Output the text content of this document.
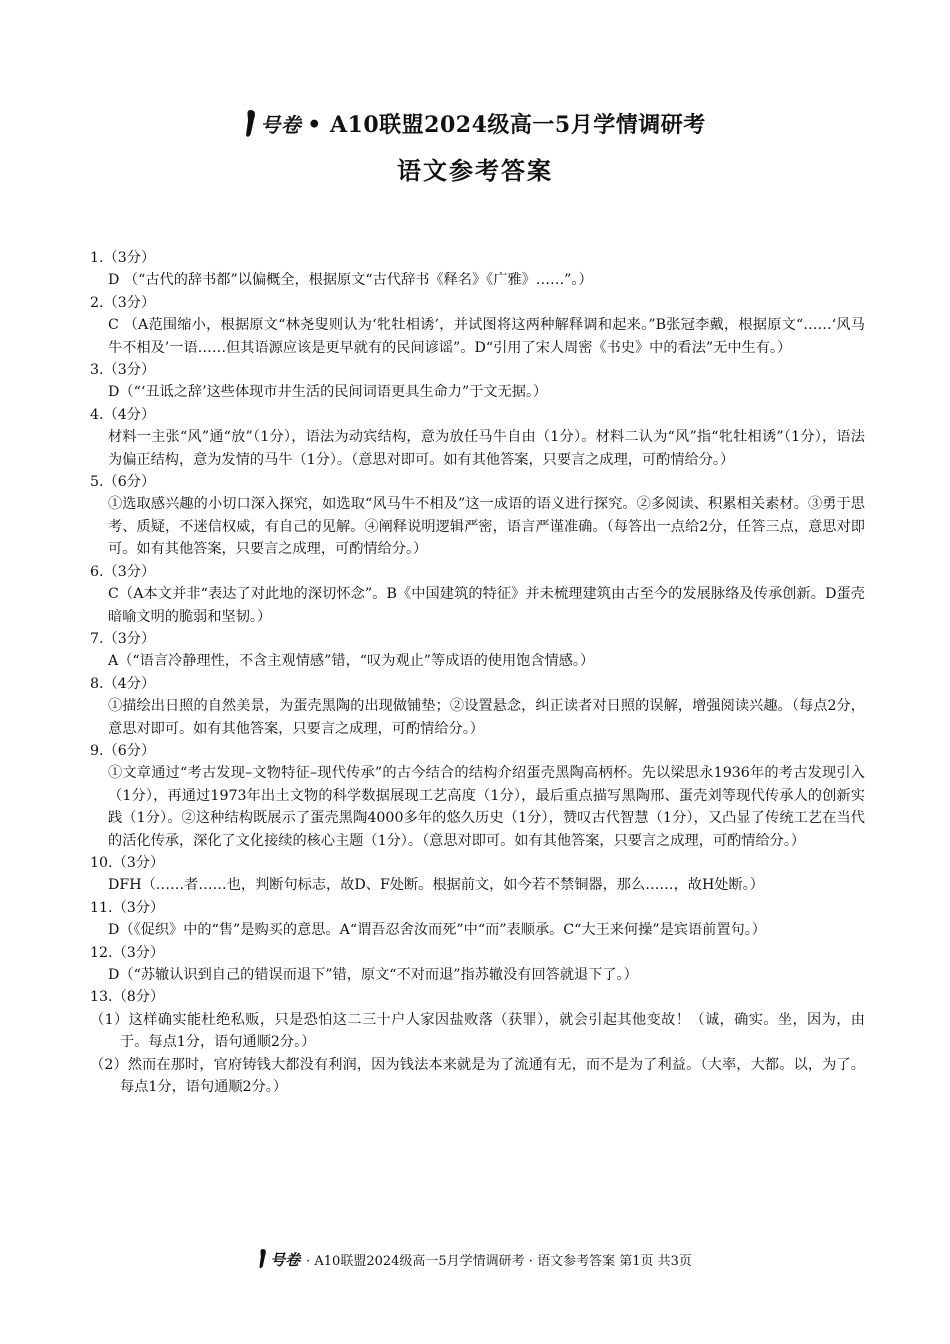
号卷 • A10联盟2024级高一5月学情调研考
语文参考答案

1.（3分）

D （“古代的辞书都”以偏概全，根据原文“古代辞书《释名》《广雅》……”。）

2.（3分）

C （A范围缩小，根据原文“林尧叟则认为‘牝牡相诱’，并试图将这两种解释调和起来。”B张冠李戴，根据原文“……‘风马牛不相及’一语……但其语源应该是更早就有的民间谚谣”。D“引用了宋人周密《书史》中的看法”无中生有。）

3.（3分）

D（“‘丑诋之辞’这些体现市井生活的民间词语更具生命力”于文无据。）

4.（4分）

材料一主张“风”通“放”（1分），语法为动宾结构，意为放任马牛自由（1分）。材料二认为“风”指“牝牡相诱”（1分），语法为偏正结构，意为发情的马牛（1分）。（意思对即可。如有其他答案，只要言之成理，可酌情给分。）

5.（6分）

①选取感兴趣的小切口深入探究，如选取“风马牛不相及”这一成语的语义进行探究。②多阅读、积累相关素材。③勇于思考、质疑，不迷信权威，有自己的见解。④阐释说明逻辑严密，语言严谨准确。（每答出一点给2分，任答三点，意思对即可。如有其他答案，只要言之成理，可酌情给分。）

6.（3分）

C（A本文并非“表达了对此地的深切怀念”。B《中国建筑的特征》并未梳理建筑由古至今的发展脉络及传承创新。D蛋壳暗喻文明的脆弱和坚韧。）

7.（3分）

A（“语言冷静理性，不含主观情感”错，“叹为观止”等成语的使用饱含情感。）

8.（4分）

①描绘出日照的自然美景，为蛋壳黑陶的出现做铺垫；②设置悬念，纠正读者对日照的误解，增强阅读兴趣。（每点2分，意思对即可。如有其他答案，只要言之成理，可酌情给分。）

9.（6分）

①文章通过“考古发现–文物特征–现代传承”的古今结合的结构介绍蛋壳黑陶高柄杯。先以梁思永1936年的考古发现引入（1分），再通过1973年出土文物的科学数据展现工艺高度（1分），最后重点描写黑陶邢、蛋壳刘等现代传承人的创新实践（1分）。②这种结构既展示了蛋壳黑陶4000多年的悠久历史（1分），赞叹古代智慧（1分），又凸显了传统工艺在当代的活化传承，深化了文化接续的核心主题（1分）。（意思对即可。如有其他答案，只要言之成理，可酌情给分。）

10.（3分）

DFH（……者……也，判断句标志，故D、F处断。根据前文，如今若不禁铜器，那么……，故H处断。）

11.（3分）

D（《促织》中的“售”是购买的意思。A“谓吾忍舍汝而死”中“而”表顺承。C“大王来何操”是宾语前置句。）

12.（3分）

D（“苏辙认识到自己的错误而退下”错，原文“不对而退”指苏辙没有回答就退下了。）

13.（8分）

（1）这样确实能杜绝私贩，只是恐怕这二三十户人家因盐败落（获罪），就会引起其他变故！（诚，确实。坐，因为，由于。每点1分，语句通顺2分。）

（2）然而在那时，官府铸钱大都没有利润，因为钱法本来就是为了流通有无，而不是为了利益。（大率，大都。以，为了。每点1分，语句通顺2分。）

号卷 · A10联盟2024级高一5月学情调研考 · 语文参考答案 第1页 共3页
